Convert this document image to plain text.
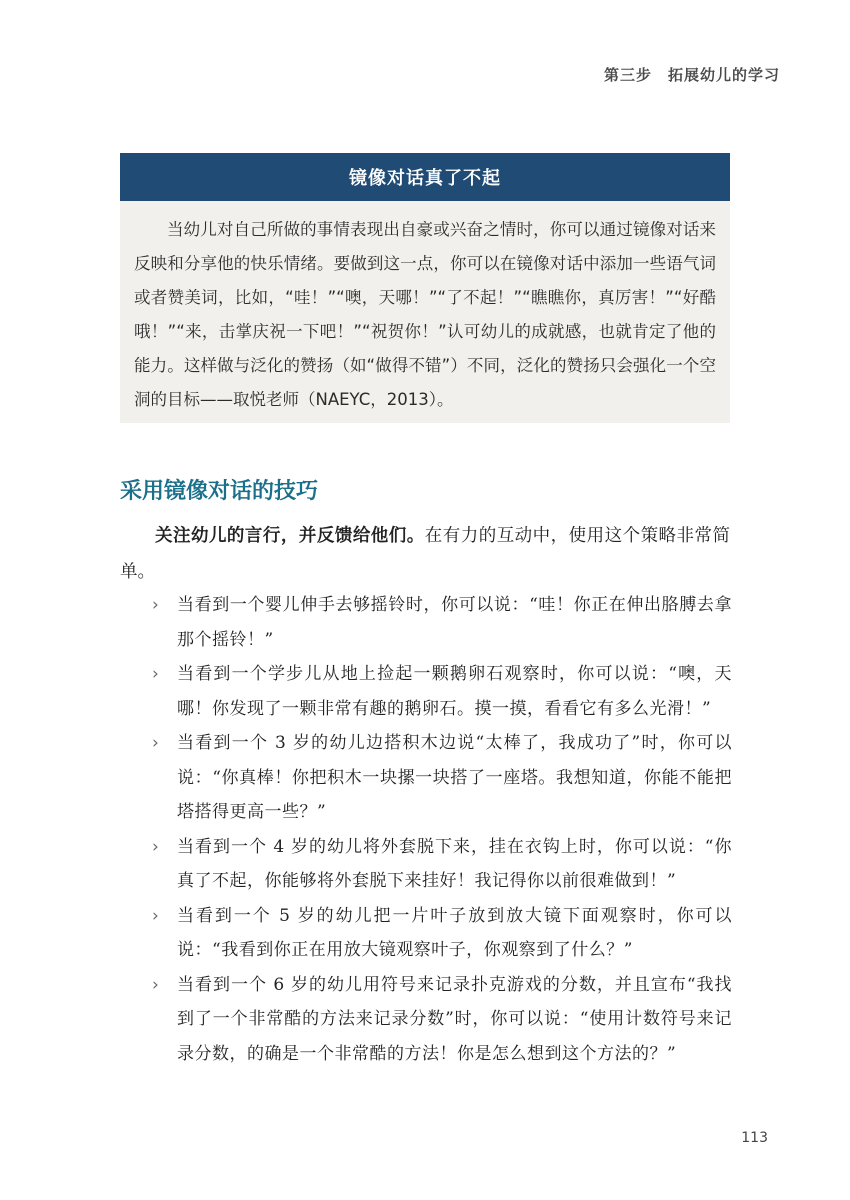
第三步　拓展幼儿的学习
镜像对话真了不起

当幼儿对自己所做的事情表现出自豪或兴奋之情时，你可以通过镜像对话来反映和分享他的快乐情绪。要做到这一点，你可以在镜像对话中添加一些语气词或者赞美词，比如，“哇！”“噢，天哪！”“了不起！”“瞧瞧你，真厉害！”“好酷哦！”“来，击掌庆祝一下吧！”“祝贺你！”认可幼儿的成就感，也就肯定了他的能力。这样做与泛化的赞扬（如“做得不错”）不同，泛化的赞扬只会强化一个空洞的目标——取悦老师（NAEYC，2013）。

采用镜像对话的技巧

关注幼儿的言行，并反馈给他们。在有力的互动中，使用这个策略非常简单。

› 当看到一个婴儿伸手去够摇铃时，你可以说：“哇！你正在伸出胳膊去拿那个摇铃！”
› 当看到一个学步儿从地上捡起一颗鹅卵石观察时，你可以说：“噢，天哪！你发现了一颗非常有趣的鹅卵石。摸一摸，看看它有多么光滑！”
› 当看到一个 3 岁的幼儿边搭积木边说“太棒了，我成功了”时，你可以说：“你真棒！你把积木一块摞一块搭了一座塔。我想知道，你能不能把塔搭得更高一些？”
› 当看到一个 4 岁的幼儿将外套脱下来，挂在衣钩上时，你可以说：“你真了不起，你能够将外套脱下来挂好！我记得你以前很难做到！”
› 当看到一个 5 岁的幼儿把一片叶子放到放大镜下面观察时，你可以说：“我看到你正在用放大镜观察叶子，你观察到了什么？”
› 当看到一个 6 岁的幼儿用符号来记录扑克游戏的分数，并且宣布“我找到了一个非常酷的方法来记录分数”时，你可以说：“使用计数符号来记录分数，的确是一个非常酷的方法！你是怎么想到这个方法的？”
113
